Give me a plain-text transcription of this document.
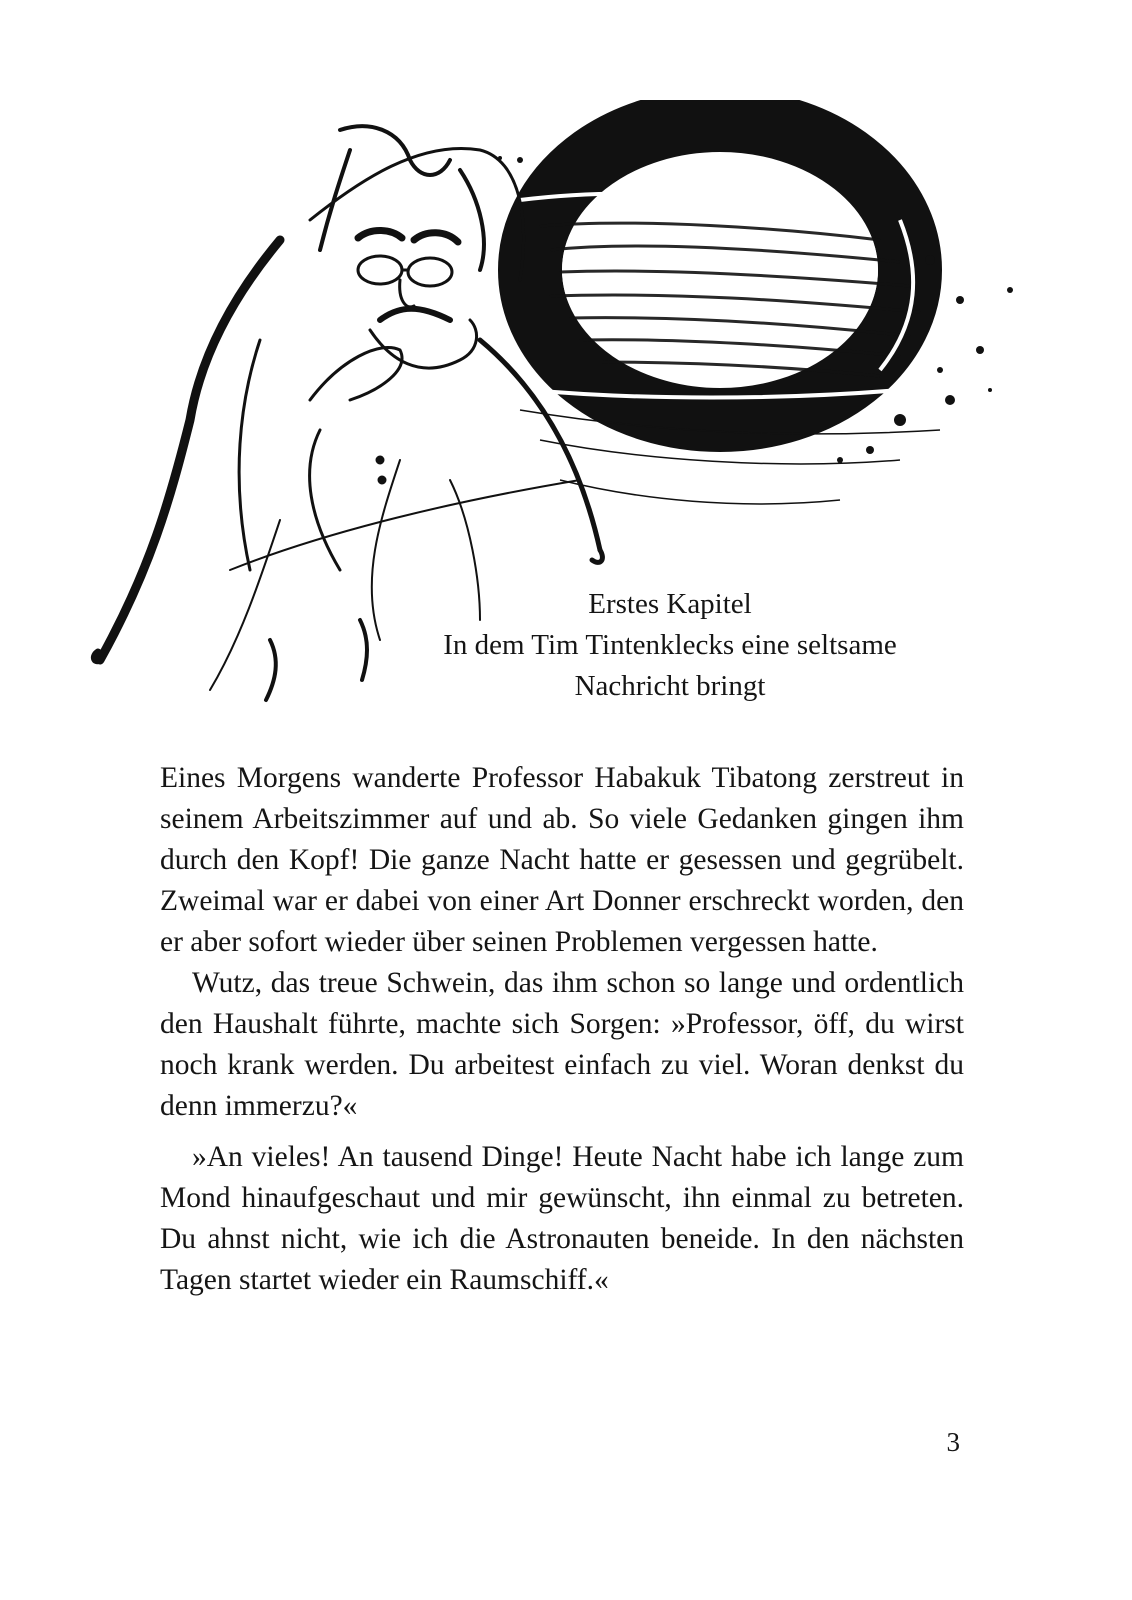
Erstes Kapitel
In dem Tim Tintenklecks eine seltsame
Nachricht bringt

Eines Morgens wanderte Professor Habakuk Tibatong zerstreut in seinem Arbeitszimmer auf und ab. So viele Gedanken gingen ihm durch den Kopf! Die ganze Nacht hatte er gesessen und gegrübelt. Zweimal war er dabei von einer Art Donner erschreckt worden, den er aber sofort wieder über seinen Problemen vergessen hatte.

Wutz, das treue Schwein, das ihm schon so lange und ordentlich den Haushalt führte, machte sich Sorgen: »Professor, öff, du wirst noch krank werden. Du arbeitest einfach zu viel. Woran denkst du denn immerzu?«

»An vieles! An tausend Dinge! Heute Nacht habe ich lange zum Mond hinaufgeschaut und mir gewünscht, ihn einmal zu betreten. Du ahnst nicht, wie ich die Astronauten beneide. In den nächsten Tagen startet wieder ein Raumschiff.«

3
